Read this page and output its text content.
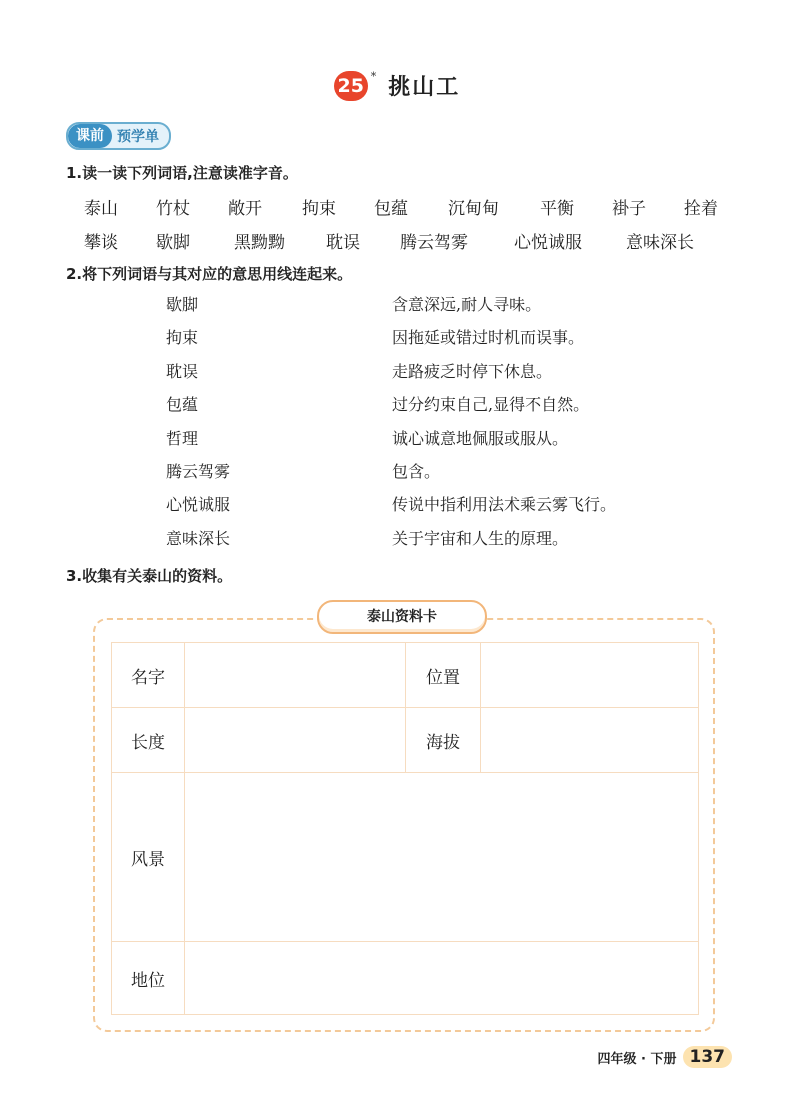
25 * 挑山工
课前 预学单
1.读一读下列词语,注意读准字音。
泰山 竹杖 敞开 拘束 包蕴 沉甸甸 平衡 褂子 拴着
攀谈 歇脚	黑黝黝 耽误 腾云驾雾	心悦诚服	意味深长
2.将下列词语与其对应的意思用线连起来。
歇脚
拘束
耽误
包蕴
哲理
腾云驾雾
心悦诚服
意味深长
含意深远,耐人寻味。
因拖延或错过时机而误事。
走路疲乏时停下休息。
过分约束自己,显得不自然。
诚心诚意地佩服或服从。
包含。
传说中指利用法术乘云雾飞行。
关于宇宙和人生的原理。
3.收集有关泰山的资料。
泰山资料卡
名字		位置	
长度		海拔	
风景			
地位			
四年级 · 下册 137
